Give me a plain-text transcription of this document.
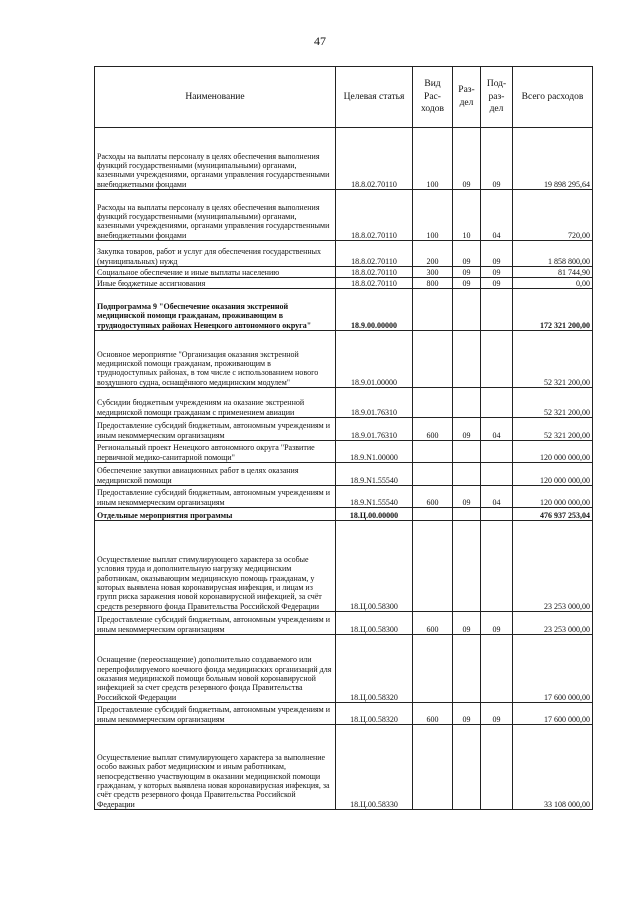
47
Наименование	Целевая статья	Вид Рас-ходов	Раз-дел	Под-раз-дел	Всего расходов
Расходы на выплаты персоналу в целях обеспечения выполнения функций государственными (муниципальными) органами, казенными учреждениями, органами управления государственными внебюджетными фондами	18.8.02.70110	100	09	09	19 898 295,64
Расходы на выплаты персоналу в целях обеспечения выполнения функций государственными (муниципальными) органами, казенными учреждениями, органами управления государственными внебюджетными фондами	18.8.02.70110	100	10	04	720,00
Закупка товаров, работ и услуг для обеспечения государственных (муниципальных) нужд	18.8.02.70110	200	09	09	1 858 800,00
Социальное обеспечение и иные выплаты населению	18.8.02.70110	300	09	09	81 744,90
Иные бюджетные ассигнования	18.8.02.70110	800	09	09	0,00
Подпрограмма 9 "Обеспечение оказания экстренной медицинской помощи гражданам, проживающим в труднодоступных районах Ненецкого автономного округа"	18.9.00.00000				172 321 200,00
Основное мероприятие "Организация оказания экстренной медицинской помощи гражданам, проживающим в труднодоступных районах, в том числе с использованием нового воздушного судна, оснащённого медицинским модулем"	18.9.01.00000				52 321 200,00
Субсидии бюджетным учреждениям на оказание экстренной медицинской помощи гражданам с применением авиации	18.9.01.76310				52 321 200,00
Предоставление субсидий бюджетным, автономным учреждениям и иным некоммерческим организациям	18.9.01.76310	600	09	04	52 321 200,00
Региональный проект Ненецкого автономного округа "Развитие первичной медико-санитарной помощи"	18.9.N1.00000				120 000 000,00
Обеспечение закупки авиационных работ в целях оказания медицинской помощи	18.9.N1.55540				120 000 000,00
Предоставление субсидий бюджетным, автономным учреждениям и иным некоммерческим организациям	18.9.N1.55540	600	09	04	120 000 000,00
Отдельные мероприятия программы	18.Ц.00.00000				476 937 253,04
Осуществление выплат стимулирующего характера за особые условия труда и дополнительную нагрузку медицинским работникам, оказывающим медицинскую помощь гражданам, у которых выявлена новая коронавирусная инфекция, и лицам из групп риска заражения новой коронавирусной инфекцией, за счёт средств резервного фонда Правительства Российской Федерации	18.Ц.00.58300				23 253 000,00
Предоставление субсидий бюджетным, автономным учреждениям и иным некоммерческим организациям	18.Ц.00.58300	600	09	09	23 253 000,00
Оснащение (переоснащение) дополнительно создаваемого или перепрофилируемого коечного фонда медицинских организаций для оказания медицинской помощи больным новой коронавирусной инфекцией за счет средств резервного фонда Правительства Российской Федерации	18.Ц.00.58320				17 600 000,00
Предоставление субсидий бюджетным, автономным учреждениям и иным некоммерческим организациям	18.Ц.00.58320	600	09	09	17 600 000,00
Осуществление выплат стимулирующего характера за выполнение особо важных работ медицинским и иным работникам, непосредственно участвующим в оказании медицинской помощи гражданам, у которых выявлена новая коронавирусная инфекция, за счёт средств резервного фонда Правительства Российской Федерации	18.Ц.00.58330				33 108 000,00
